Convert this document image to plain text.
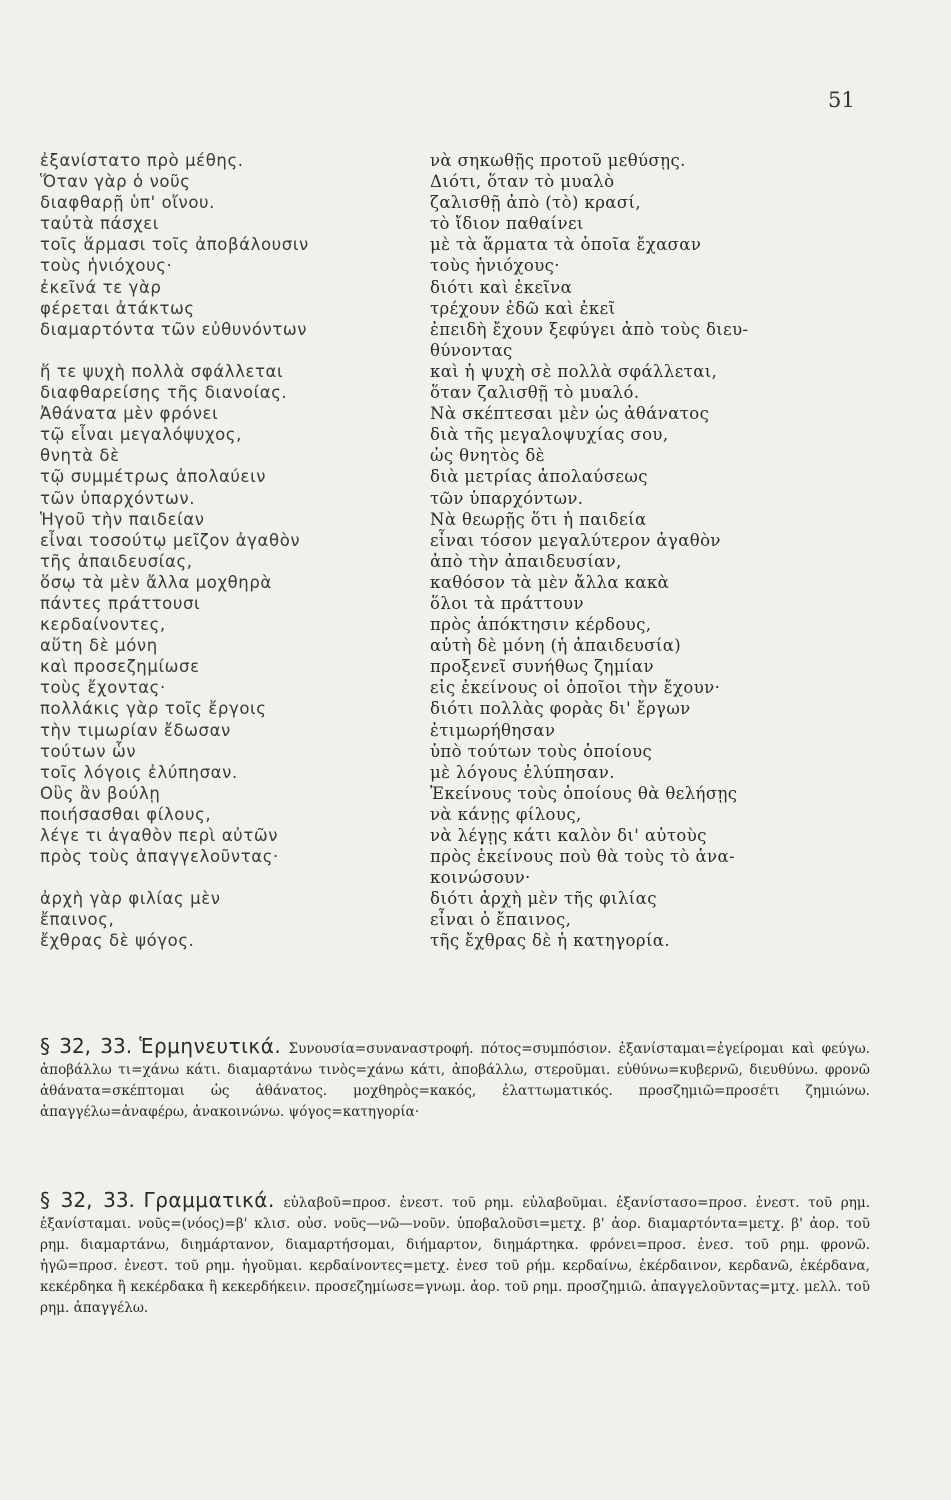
51
ἐξανίστατο πρὸ μέθης.
Ὅταν γὰρ ὁ νοῦς
διαφθαρῇ ὑπ' οἴνου.
ταὐτὰ πάσχει
τοῖς ἅρμασι τοῖς ἀποβάλουσιν
τοὺς ἡνιόχους·
ἐκεῖνά τε γὰρ
φέρεται ἀτάκτως
διαμαρτόντα τῶν εὐθυνόντων
ἥ τε ψυχὴ πολλὰ σφάλλεται
διαφθαρείσης τῆς διανοίας.
Ἀθάνατα μὲν φρόνει
τῷ εἶναι μεγαλόψυχος,
θνητὰ δὲ
τῷ συμμέτρως ἀπολαύειν
τῶν ὑπαρχόντων.
Ἡγοῦ τὴν παιδείαν
εἶναι τοσούτῳ μεῖζον ἀγαθὸν
τῆς ἀπαιδευσίας,
ὅσῳ τὰ μὲν ἄλλα μοχθηρὰ
πάντες πράττουσι
κερδαίνοντες,
αὕτη δὲ μόνη
καὶ προσεζημίωσε
τοὺς ἔχοντας·
πολλάκις γὰρ τοῖς ἔργοις
τὴν τιμωρίαν ἔδωσαν
τούτων ὧν
τοῖς λόγοις ἐλύπησαν.
Οὓς ἂν βούλῃ
ποιήσασθαι φίλους,
λέγε τι ἀγαθὸν περὶ αὐτῶν
πρὸς τοὺς ἀπαγγελοῦντας·
ἀρχὴ γὰρ φιλίας μὲν
ἔπαινος,
ἔχθρας δὲ ψόγος.
νὰ σηκωθῇς προτοῦ μεθύσῃς.
Διότι, ὅταν τὸ μυαλὸ
ζαλισθῇ ἀπὸ (τὸ) κρασί,
τὸ ἴδιον παθαίνει
μὲ τὰ ἅρματα τὰ ὁποῖα ἔχασαν
τοὺς ἡνιόχους·
διότι καὶ ἐκεῖνα
τρέχουν ἐδῶ καὶ ἐκεῖ
ἐπειδὴ ἔχουν ξεφύγει ἀπὸ τοὺς διευ-
θύνοντας
καὶ ἡ ψυχὴ σὲ πολλὰ σφάλλεται,
ὅταν ζαλισθῇ τὸ μυαλό.
Νὰ σκέπτεσαι μὲν ὡς ἀθάνατος
διὰ τῆς μεγαλοψυχίας σου,
ὡς θνητὸς δὲ
διὰ μετρίας ἀπολαύσεως
τῶν ὑπαρχόντων.
Νὰ θεωρῇς ὅτι ἡ παιδεία
εἶναι τόσον μεγαλύτερον ἀγαθὸν
ἀπὸ τὴν ἀπαιδευσίαν,
καθόσον τὰ μὲν ἄλλα κακὰ
ὅλοι τὰ πράττουν
πρὸς ἀπόκτησιν κέρδους,
αὐτὴ δὲ μόνη (ἡ ἀπαιδευσία)
προξενεῖ συνήθως ζημίαν
εἰς ἐκείνους οἱ ὁποῖοι τὴν ἔχουν·
διότι πολλὰς φορὰς δι' ἔργων
ἐτιμωρήθησαν
ὑπὸ τούτων τοὺς ὁποίους
μὲ λόγους ἐλύπησαν.
Ἐκείνους τοὺς ὁποίους θὰ θελήσῃς
νὰ κάνῃς φίλους,
νὰ λέγῃς κάτι καλὸν δι' αὐτοὺς
πρὸς ἐκείνους ποὺ θὰ τοὺς τὸ ἀνα-
κοινώσουν·
διότι ἀρχὴ μὲν τῆς φιλίας
εἶναι ὁ ἔπαινος,
τῆς ἔχθρας δὲ ἡ κατηγορία.

§ 32, 33. Ἑρμηνευτικά. Συνουσία=συναναστροφή. πότος=συμπόσιον. ἐξανίσταμαι=ἐγείρομαι καὶ φεύγω. ἀποβάλλω τι=χάνω κάτι. διαμαρτάνω τινὸς=χάνω κάτι, ἀποβάλλω, στεροῦμαι. εὐθύνω=κυβερνῶ, διευθύνω. φρονῶ ἀθάνατα=σκέπτομαι ὡς ἀθάνατος. μοχθηρὸς=κακός, ἐλαττωματικός. προσζημιῶ=προσέτι ζημιώνω. ἀπαγγέλω=ἀναφέρω, ἀνακοινώνω. ψόγος=κατηγορία·

§ 32, 33. Γραμματικά. εὐλαβοῦ=προσ. ἐνεστ. τοῦ ρημ. εὐλαβοῦμαι. ἐξανίστασο=προσ. ἐνεστ. τοῦ ρημ. ἐξανίσταμαι. νοῦς=(νόος)=β' κλισ. οὐσ. νοῦς—νῶ—νοῦν. ὑποβαλοῦσι=μετχ. β' ἀορ. διαμαρτόντα=μετχ. β' ἀορ. τοῦ ρημ. διαμαρτάνω, διημάρτανον, διαμαρτήσομαι, διήμαρτον, διημάρτηκα. φρόνει=προσ. ἐνεσ. τοῦ ρημ. φρονῶ. ἡγῶ=προσ. ἐνεστ. τοῦ ρημ. ἡγοῦμαι. κερδαίνοντες=μετχ. ἐνεσ τοῦ ρήμ. κερδαίνω, ἐκέρδαινον, κερδανῶ, ἐκέρδανα, κεκέρδηκα ἢ κεκέρδακα ἢ κεκερδήκειν. προσεζημίωσε=γνωμ. ἀορ. τοῦ ρημ. προσζημιῶ. ἀπαγγελοῦντας=μτχ. μελλ. τοῦ ρημ. ἀπαγγέλω.
